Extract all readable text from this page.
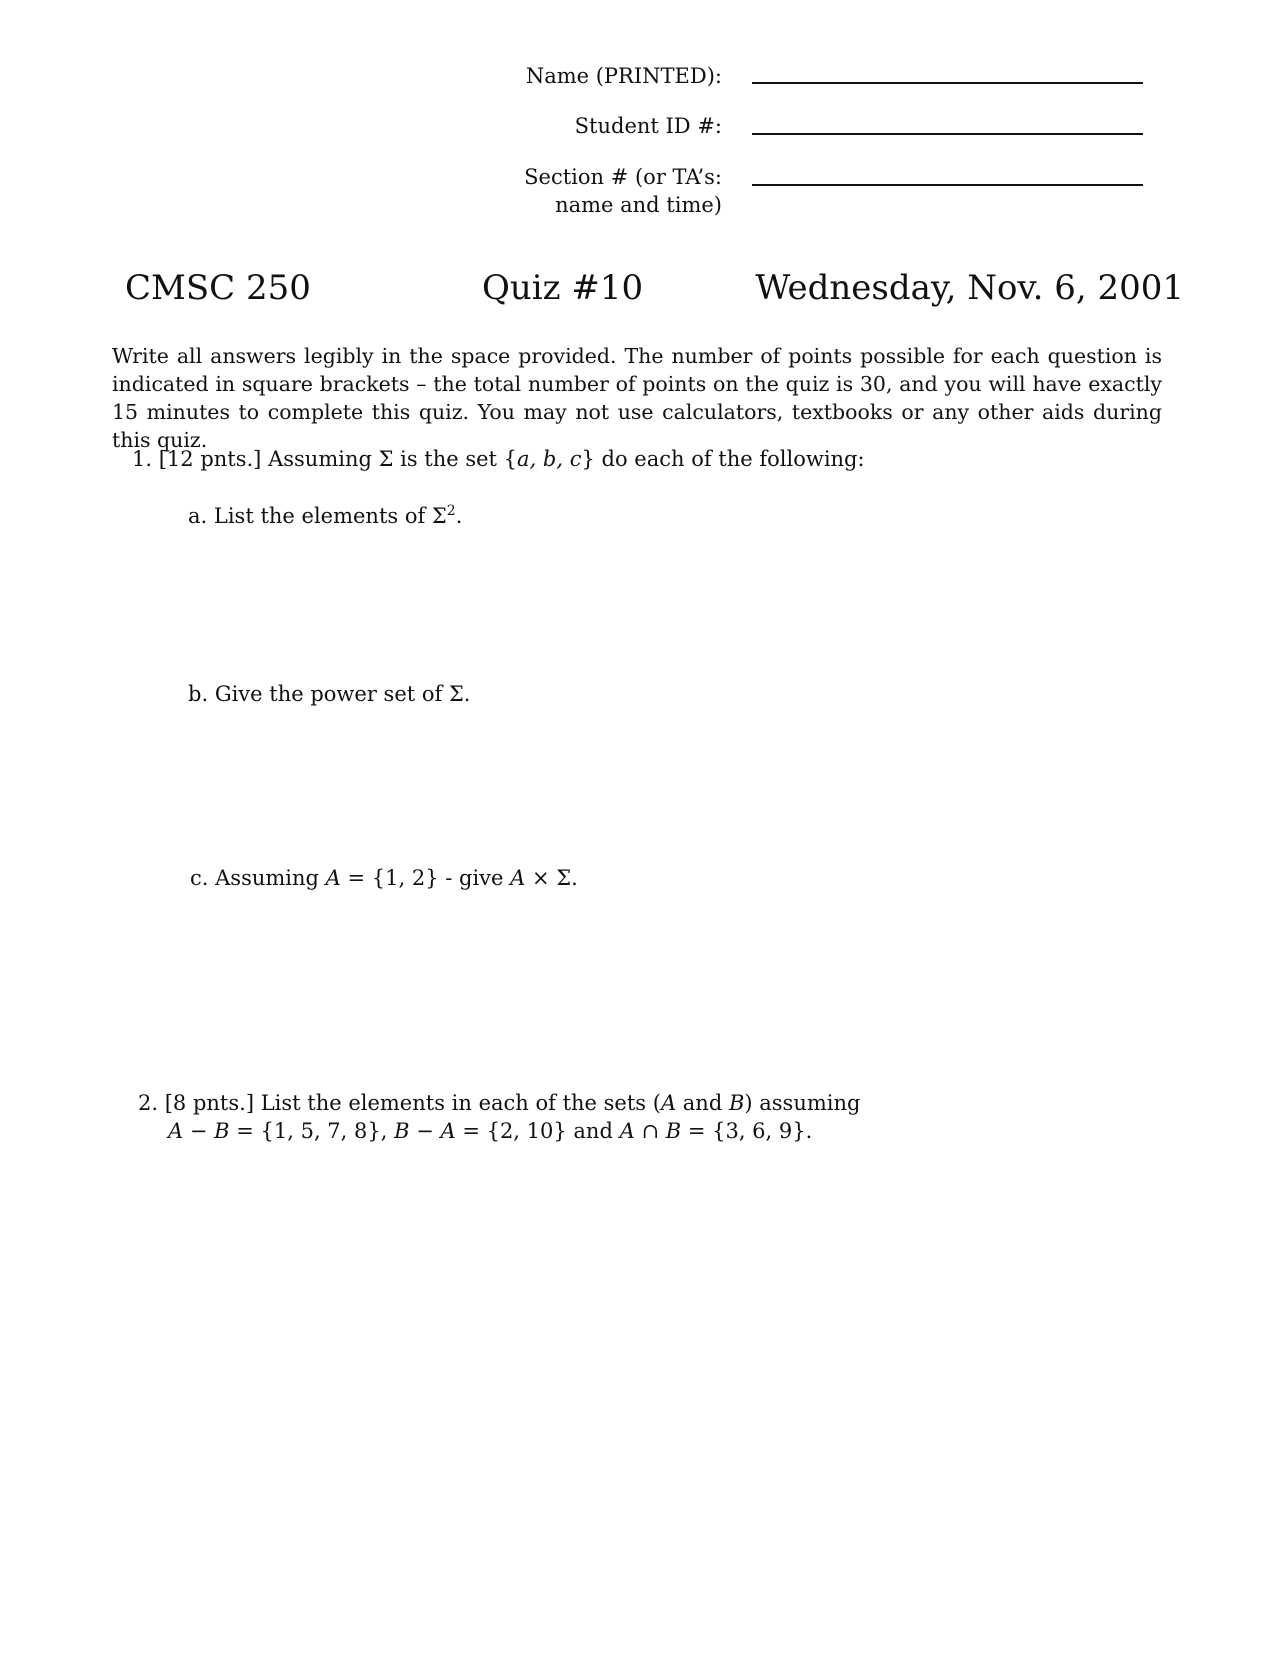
Name (PRINTED):
Student ID #:
Section # (or TA’s:
name and time)
CMSC 250	Quiz #10	Wednesday, Nov. 6, 2001
Write all answers legibly in the space provided. The number of points possible for each question is indicated in square brackets – the total number of points on the quiz is 30, and you will have exactly 15 minutes to complete this quiz. You may not use calculators, textbooks or any other aids during this quiz.
1. [12 pnts.] Assuming Σ is the set {a, b, c} do each of the following:
a. List the elements of $\Sigma^2$.
b. Give the power set of Σ.
c. Assuming A = {1, 2} - give A × Σ.
2. [8 pnts.] List the elements in each of the sets (A and B) assuming
A − B = {1, 5, 7, 8}, B − A = {2, 10} and A ∩ B = {3, 6, 9}.
